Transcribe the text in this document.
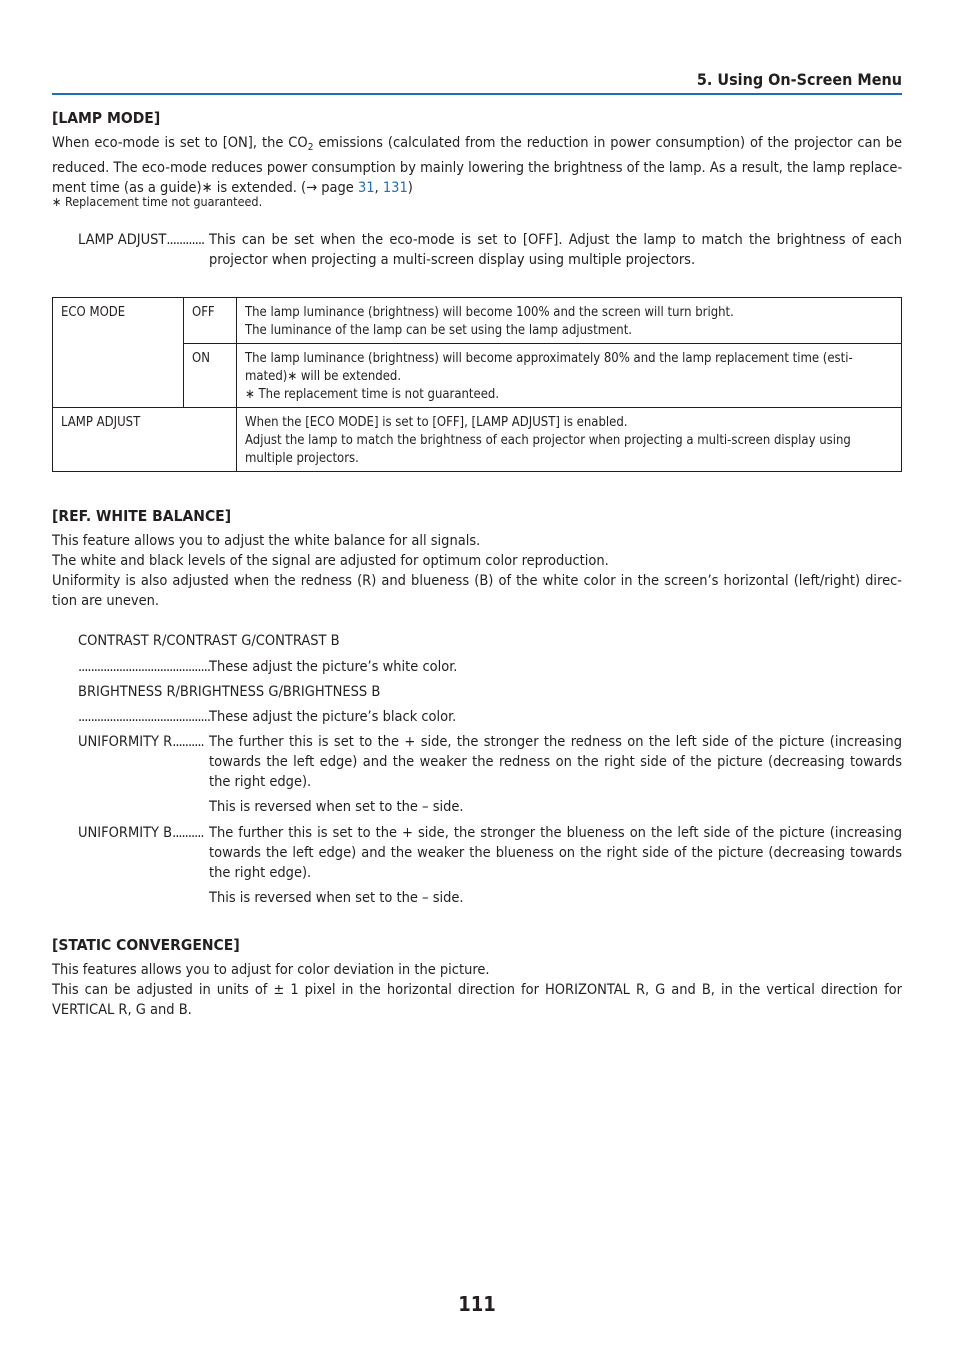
5. Using On-Screen Menu
[LAMP MODE]
When eco-mode is set to [ON], the $CO_2$ emissions (calculated from the reduction in power consumption) of the projector can be
reduced. The eco-mode reduces power consumption by mainly lowering the brightness of the lamp. As a result, the lamp replace-
ment time (as a guide)∗ is extended. (→ page 31, 131)
∗ Replacement time not guaranteed.
LAMP ADJUST............ This can be set when the eco-mode is set to [OFF]. Adjust the lamp to match the brightness of each
projector when projecting a multi-screen display using multiple projectors.
ECO MODE	OFF	The lamp luminance (brightness) will become 100% and the screen will turn bright.
The luminance of the lamp can be set using the lamp adjustment.

	ON	The lamp luminance (brightness) will become approximately 80% and the lamp replacement time (esti-
mated)∗ will be extended.
∗ The replacement time is not guaranteed.

LAMP ADJUST		When the [ECO MODE] is set to [OFF], [LAMP ADJUST] is enabled.
Adjust the lamp to match the brightness of each projector when projecting a multi-screen display using
multiple projectors.
[REF. WHITE BALANCE]
This feature allows you to adjust the white balance for all signals.
The white and black levels of the signal are adjusted for optimum color reproduction.
Uniformity is also adjusted when the redness (R) and blueness (B) of the white color in the screen’s horizontal (left/right) direc-
tion are uneven.
CONTRAST R/CONTRAST G/CONTRAST B
.......................................... These adjust the picture’s white color.
BRIGHTNESS R/BRIGHTNESS G/BRIGHTNESS B
.......................................... These adjust the picture’s black color.
UNIFORMITY R.......... The further this is set to the + side, the stronger the redness on the left side of the picture (increasing
towards the left edge) and the weaker the redness on the right side of the picture (decreasing towards
the right edge).
This is reversed when set to the – side.
UNIFORMITY B.......... The further this is set to the + side, the stronger the blueness on the left side of the picture (increasing
towards the left edge) and the weaker the blueness on the right side of the picture (decreasing towards
the right edge).
This is reversed when set to the – side.
[STATIC CONVERGENCE]
This features allows you to adjust for color deviation in the picture.
This can be adjusted in units of ± 1 pixel in the horizontal direction for HORIZONTAL R, G and B, in the vertical direction for
VERTICAL R, G and B.
111
